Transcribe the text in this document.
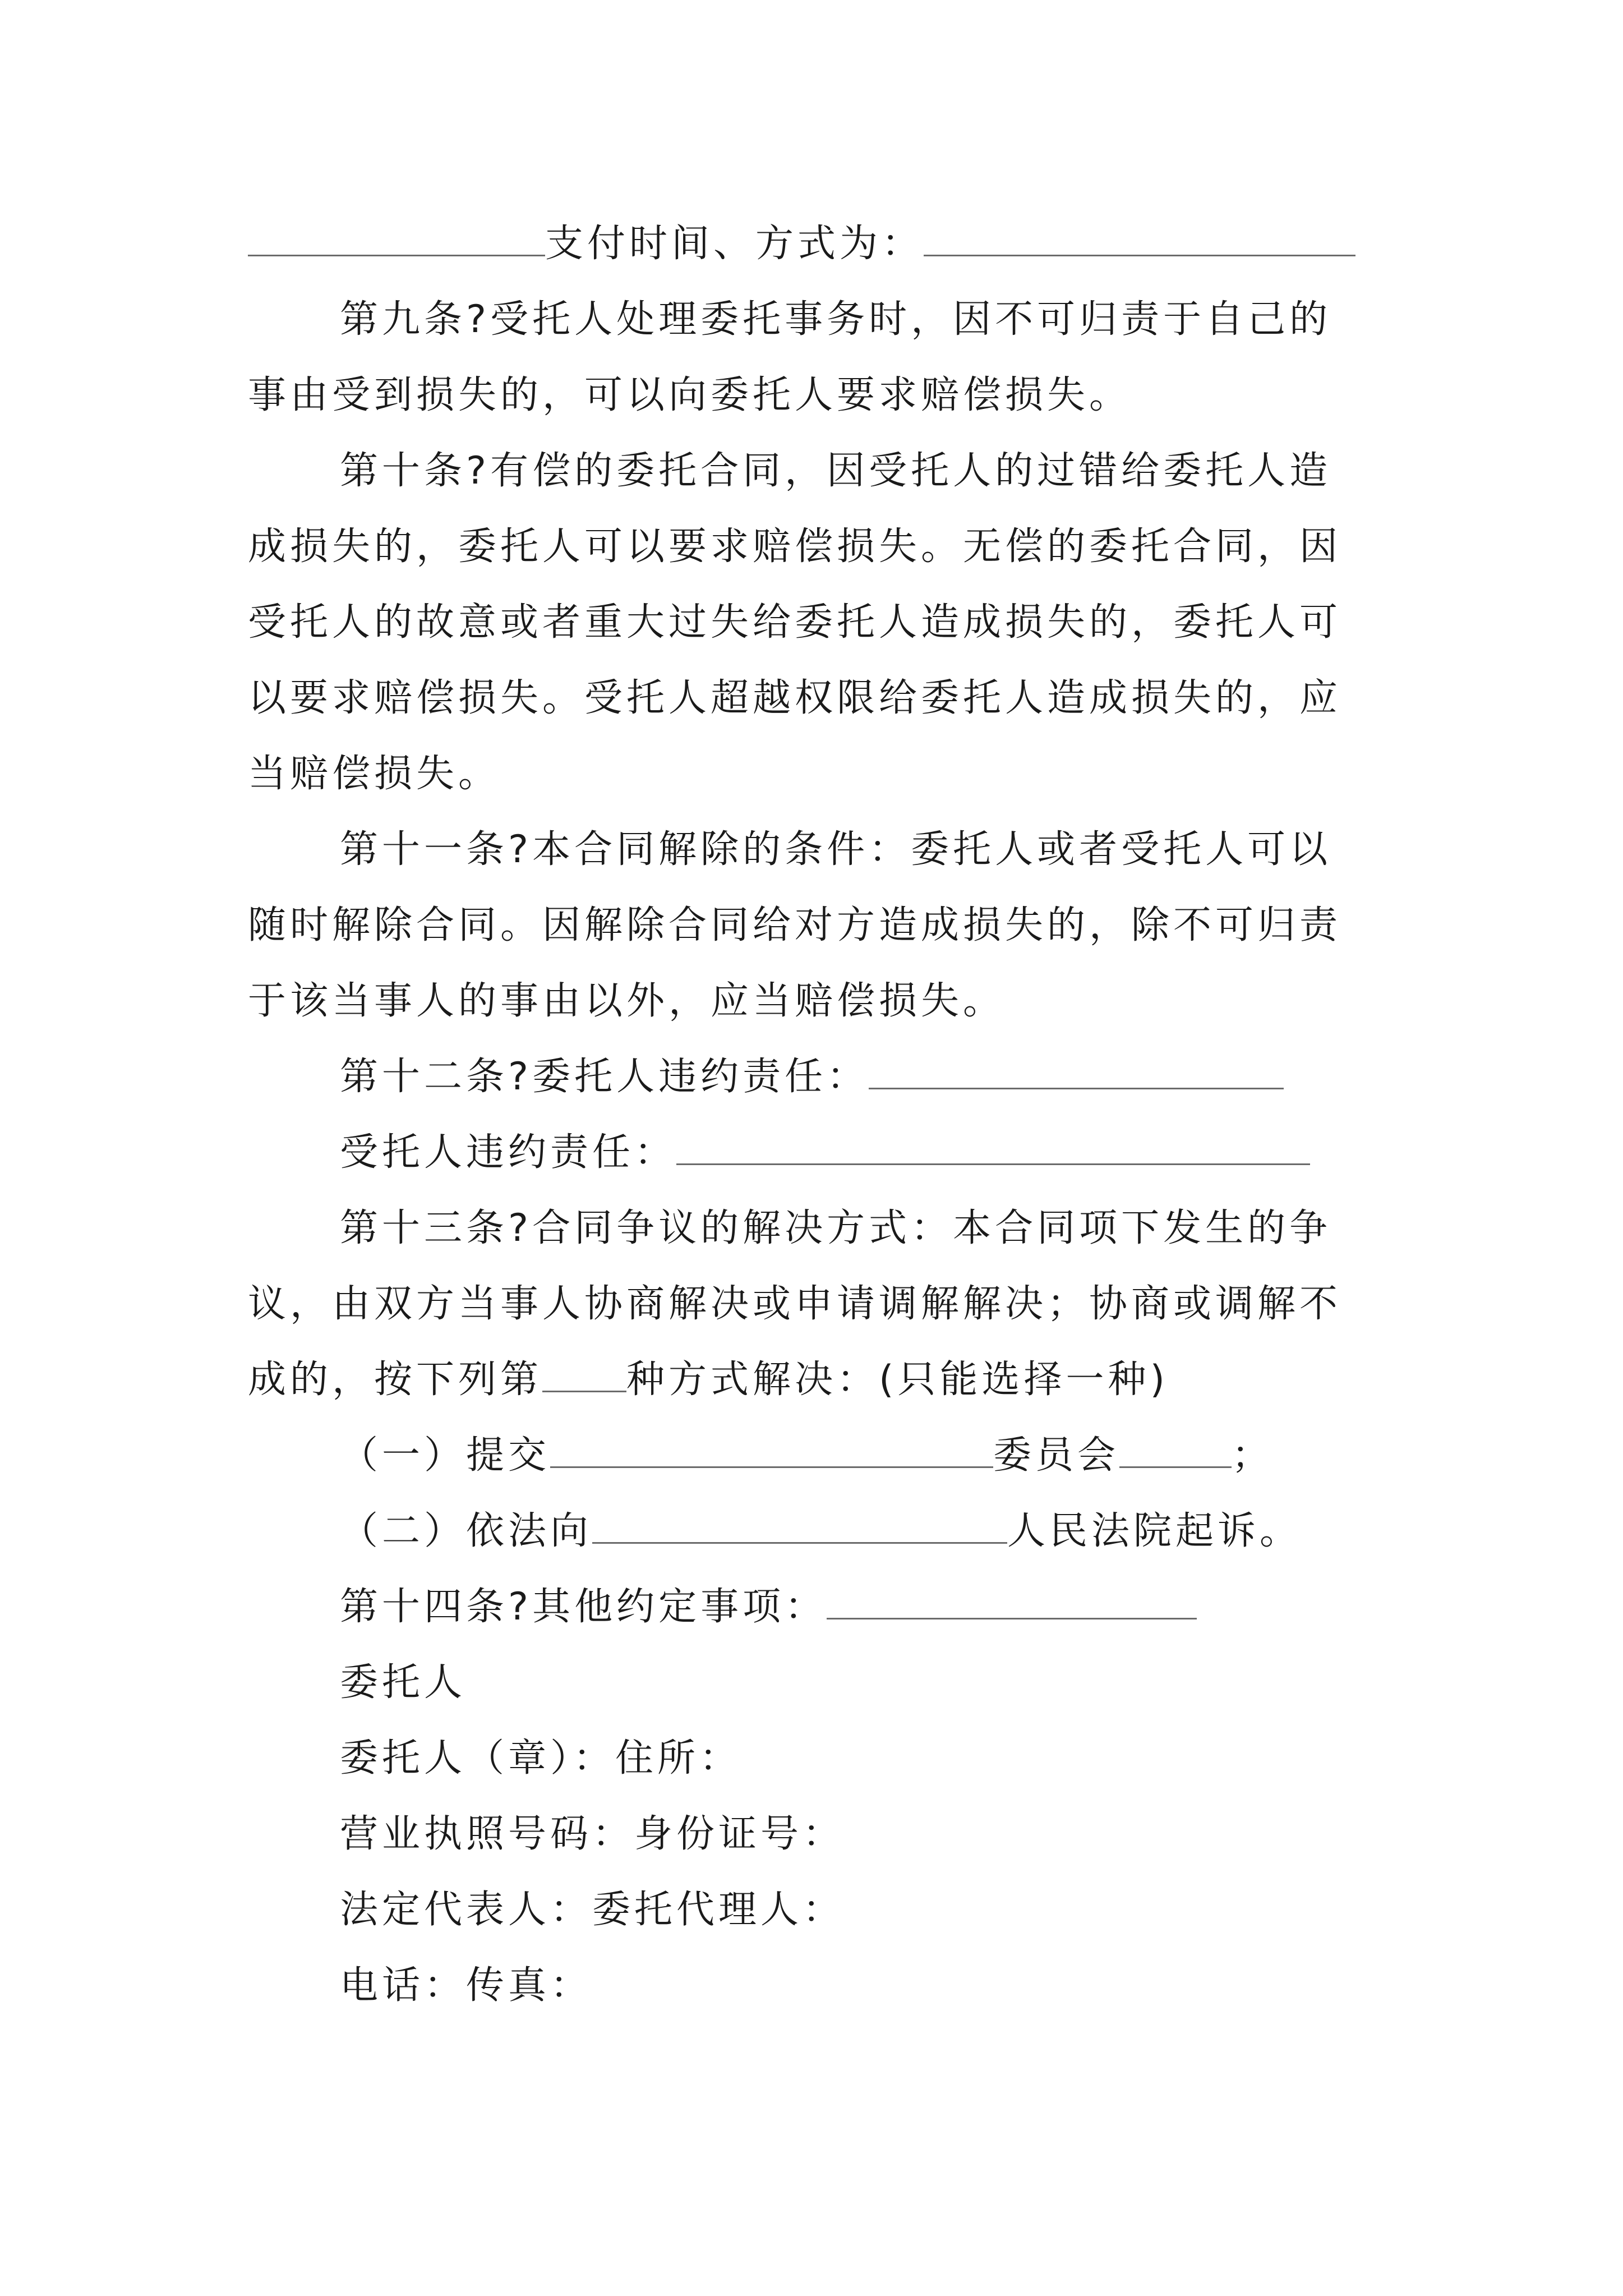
支付时间、方式为：
第九条?受托人处理委托事务时，因不可归责于自己的
事由受到损失的，可以向委托人要求赔偿损失。
第十条?有偿的委托合同，因受托人的过错给委托人造
成损失的，委托人可以要求赔偿损失。无偿的委托合同，因
受托人的故意或者重大过失给委托人造成损失的，委托人可
以要求赔偿损失。受托人超越权限给委托人造成损失的，应
当赔偿损失。
第十一条?本合同解除的条件：委托人或者受托人可以
随时解除合同。因解除合同给对方造成损失的，除不可归责
于该当事人的事由以外，应当赔偿损失。
第十二条?委托人违约责任：
受托人违约责任：
第十三条?合同争议的解决方式：本合同项下发生的争
议，由双方当事人协商解决或申请调解解决；协商或调解不
成的，按下列第 种方式解决：(只能选择一种)
（一）提交	委员会	；
（二）依法向	人民法院起诉。
第十四条?其他约定事项：
委托人
委托人（章）：住所：
营业执照号码：身份证号：
法定代表人：委托代理人：
电话：传真：
